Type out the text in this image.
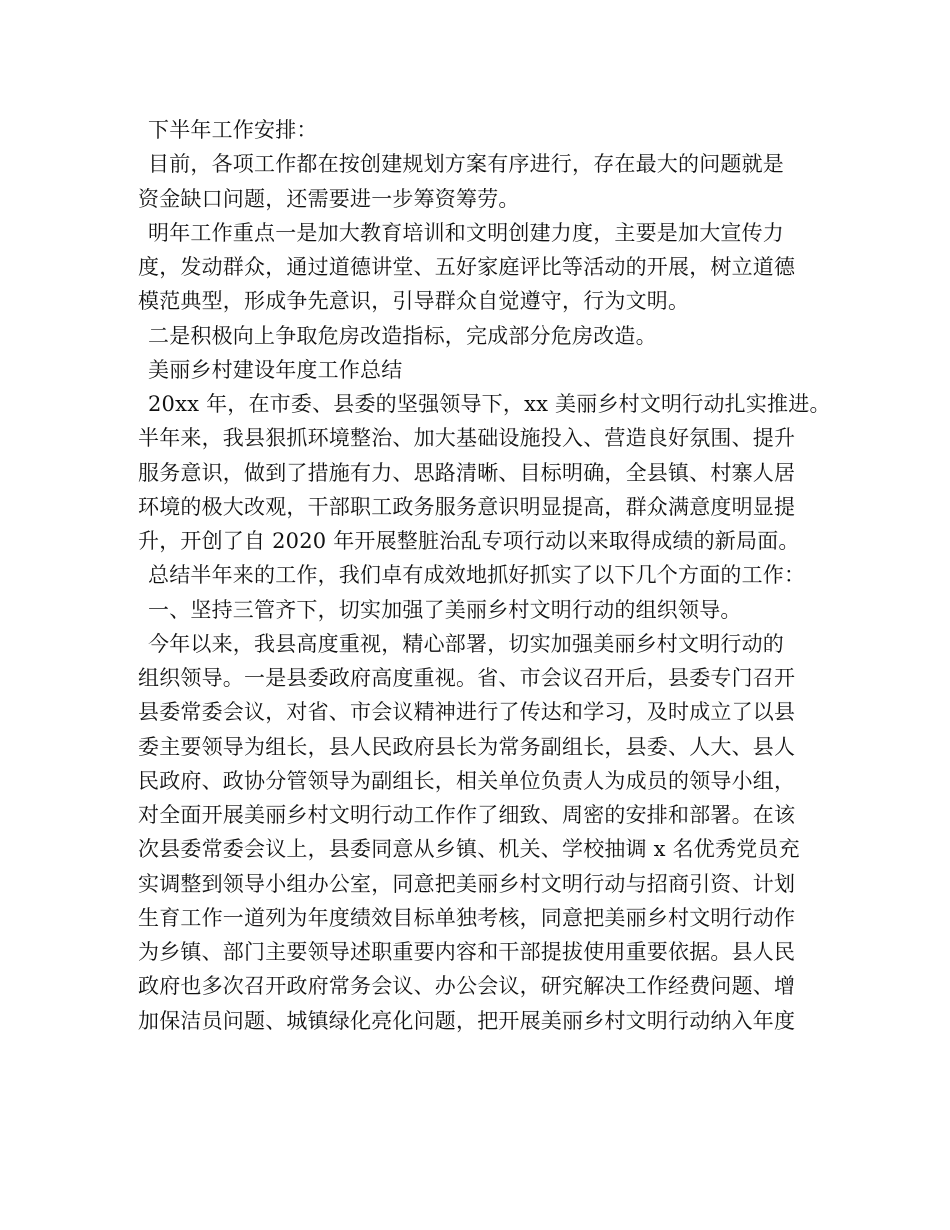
下半年工作安排：
目前，各项工作都在按创建规划方案有序进行，存在最大的问题就是
资金缺口问题，还需要进一步筹资筹劳。
明年工作重点一是加大教育培训和文明创建力度，主要是加大宣传力
度，发动群众，通过道德讲堂、五好家庭评比等活动的开展，树立道德
模范典型，形成争先意识，引导群众自觉遵守，行为文明。
二是积极向上争取危房改造指标，完成部分危房改造。
美丽乡村建设年度工作总结
20xx 年，在市委、县委的坚强领导下，xx 美丽乡村文明行动扎实推进。
半年来，我县狠抓环境整治、加大基础设施投入、营造良好氛围、提升
服务意识，做到了措施有力、思路清晰、目标明确，全县镇、村寨人居
环境的极大改观，干部职工政务服务意识明显提高，群众满意度明显提
升，开创了自 2020 年开展整脏治乱专项行动以来取得成绩的新局面。
总结半年来的工作，我们卓有成效地抓好抓实了以下几个方面的工作：
一、坚持三管齐下，切实加强了美丽乡村文明行动的组织领导。
今年以来，我县高度重视，精心部署，切实加强美丽乡村文明行动的
组织领导。一是县委政府高度重视。省、市会议召开后，县委专门召开
县委常委会议，对省、市会议精神进行了传达和学习，及时成立了以县
委主要领导为组长，县人民政府县长为常务副组长，县委、人大、县人
民政府、政协分管领导为副组长，相关单位负责人为成员的领导小组，
对全面开展美丽乡村文明行动工作作了细致、周密的安排和部署。在该
次县委常委会议上，县委同意从乡镇、机关、学校抽调 x 名优秀党员充
实调整到领导小组办公室，同意把美丽乡村文明行动与招商引资、计划
生育工作一道列为年度绩效目标单独考核，同意把美丽乡村文明行动作
为乡镇、部门主要领导述职重要内容和干部提拔使用重要依据。县人民
政府也多次召开政府常务会议、办公会议，研究解决工作经费问题、增
加保洁员问题、城镇绿化亮化问题，把开展美丽乡村文明行动纳入年度
